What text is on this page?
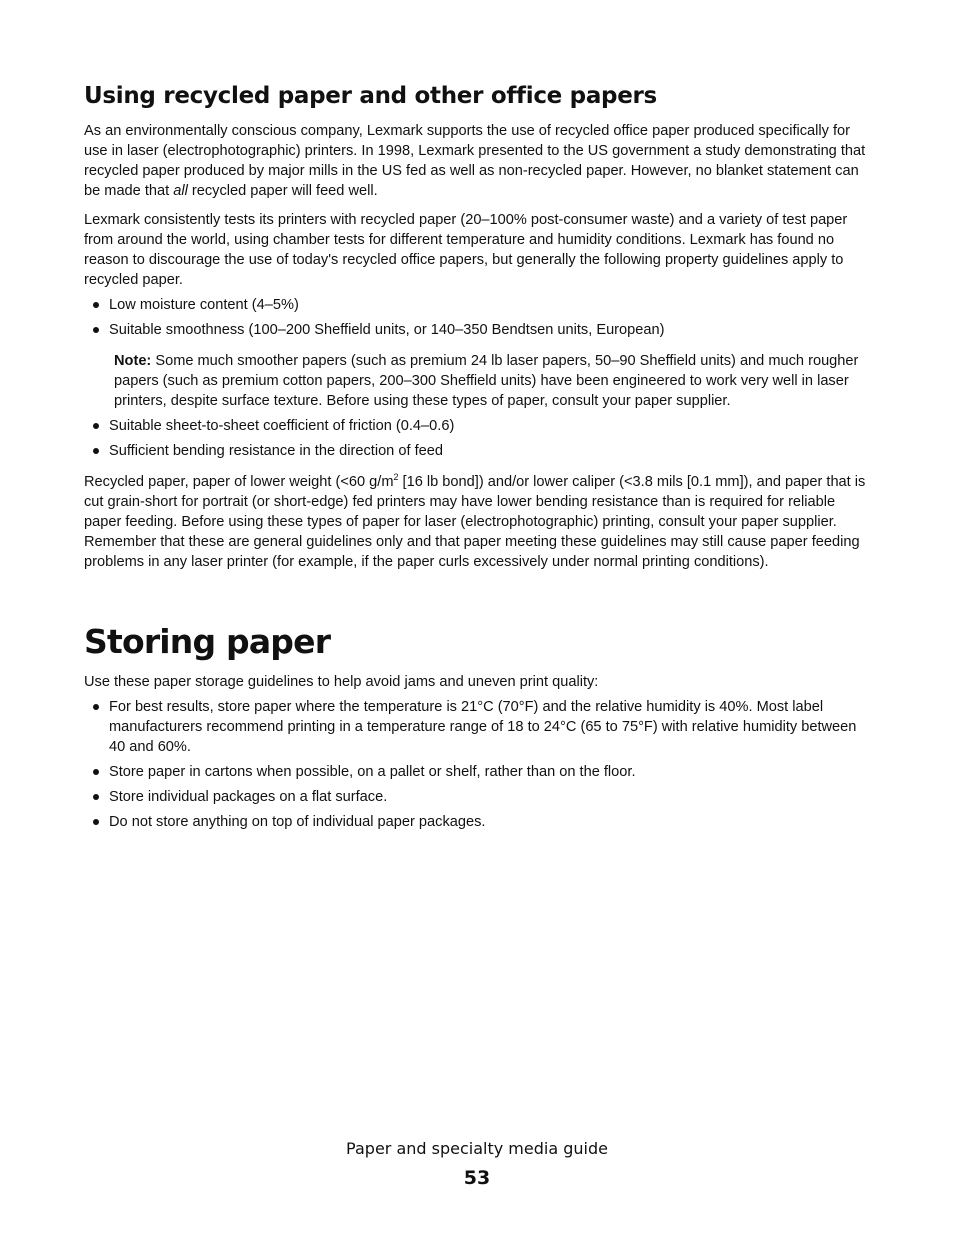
Using recycled paper and other office papers

As an environmentally conscious company, Lexmark supports the use of recycled office paper produced specifically for use in laser (electrophotographic) printers. In 1998, Lexmark presented to the US government a study demonstrating that recycled paper produced by major mills in the US fed as well as non-recycled paper. However, no blanket statement can be made that all recycled paper will feed well.

Lexmark consistently tests its printers with recycled paper (20–100% post-consumer waste) and a variety of test paper from around the world, using chamber tests for different temperature and humidity conditions. Lexmark has found no reason to discourage the use of today's recycled office papers, but generally the following property guidelines apply to recycled paper.

Low moisture content (4–5%)

Suitable smoothness (100–200 Sheffield units, or 140–350 Bendtsen units, European)

Note: Some much smoother papers (such as premium 24 lb laser papers, 50–90 Sheffield units) and much rougher papers (such as premium cotton papers, 200–300 Sheffield units) have been engineered to work very well in laser printers, despite surface texture. Before using these types of paper, consult your paper supplier.

Suitable sheet-to-sheet coefficient of friction (0.4–0.6)

Sufficient bending resistance in the direction of feed

Recycled paper, paper of lower weight (<60 $g/m^2$ [16 lb bond]) and/or lower caliper (<3.8 mils [0.1 mm]), and paper that is cut grain-short for portrait (or short-edge) fed printers may have lower bending resistance than is required for reliable paper feeding. Before using these types of paper for laser (electrophotographic) printing, consult your paper supplier. Remember that these are general guidelines only and that paper meeting these guidelines may still cause paper feeding problems in any laser printer (for example, if the paper curls excessively under normal printing conditions).

Storing paper

Use these paper storage guidelines to help avoid jams and uneven print quality:

For best results, store paper where the temperature is 21°C (70°F) and the relative humidity is 40%. Most label manufacturers recommend printing in a temperature range of 18 to 24°C (65 to 75°F) with relative humidity between 40 and 60%.

Store paper in cartons when possible, on a pallet or shelf, rather than on the floor.

Store individual packages on a flat surface.

Do not store anything on top of individual paper packages.

Paper and specialty media guide
53
